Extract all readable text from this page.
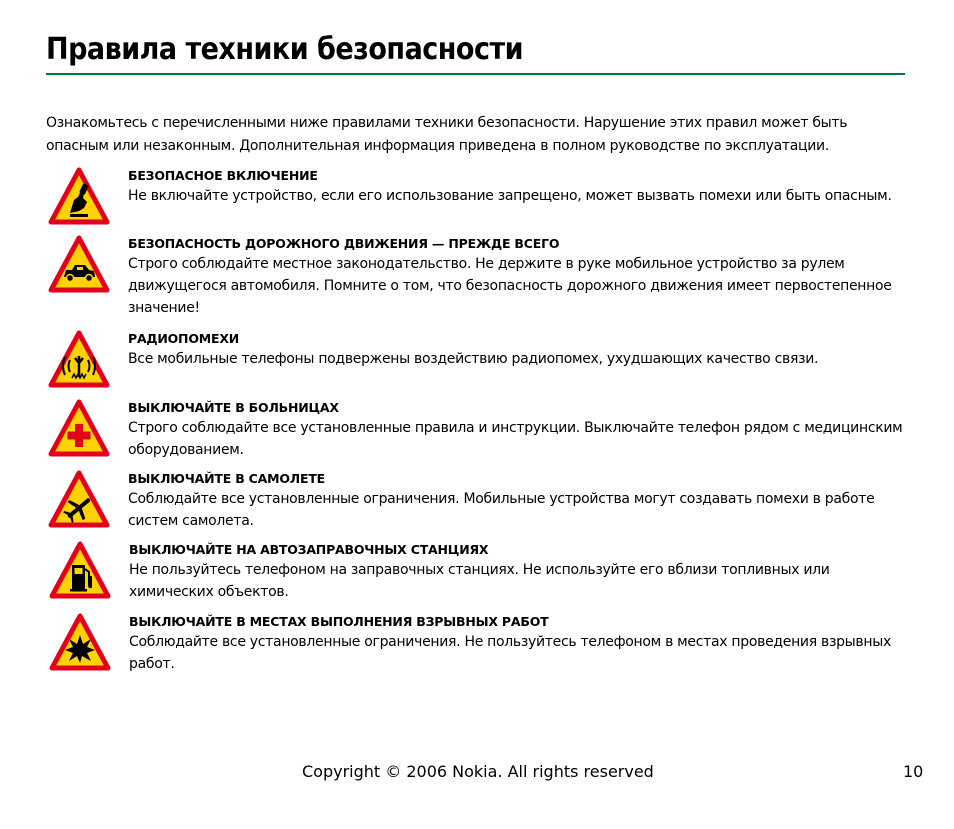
Правила техники безопасности
Ознакомьтесь с перечисленными ниже правилами техники безопасности. Нарушение этих правил может быть опасным или незаконным. Дополнительная информация приведена в полном руководстве по эксплуатации.
БЕЗОПАСНОЕ ВКЛЮЧЕНИЕ
Не включайте устройство, если его использование запрещено, может вызвать помехи или быть опасным.
БЕЗОПАСНОСТЬ ДОРОЖНОГО ДВИЖЕНИЯ — ПРЕЖДЕ ВСЕГО
Строго соблюдайте местное законодательство. Не держите в руке мобильное устройство за рулем движущегося автомобиля. Помните о том, что безопасность дорожного движения имеет первостепенное значение!
РАДИОПОМЕХИ
Все мобильные телефоны подвержены воздействию радиопомех, ухудшающих качество связи.
ВЫКЛЮЧАЙТЕ В БОЛЬНИЦАХ
Строго соблюдайте все установленные правила и инструкции. Выключайте телефон рядом с медицинским оборудованием.
ВЫКЛЮЧАЙТЕ В САМОЛЕТЕ
Соблюдайте все установленные ограничения. Мобильные устройства могут создавать помехи в работе систем самолета.
ВЫКЛЮЧАЙТЕ НА АВТОЗАПРАВОЧНЫХ СТАНЦИЯХ
Не пользуйтесь телефоном на заправочных станциях. Не используйте его вблизи топливных или химических объектов.
ВЫКЛЮЧАЙТЕ В МЕСТАХ ВЫПОЛНЕНИЯ ВЗРЫВНЫХ РАБОТ
Соблюдайте все установленные ограничения. Не пользуйтесь телефоном в местах проведения взрывных работ.
Copyright © 2006 Nokia. All rights reserved	10
